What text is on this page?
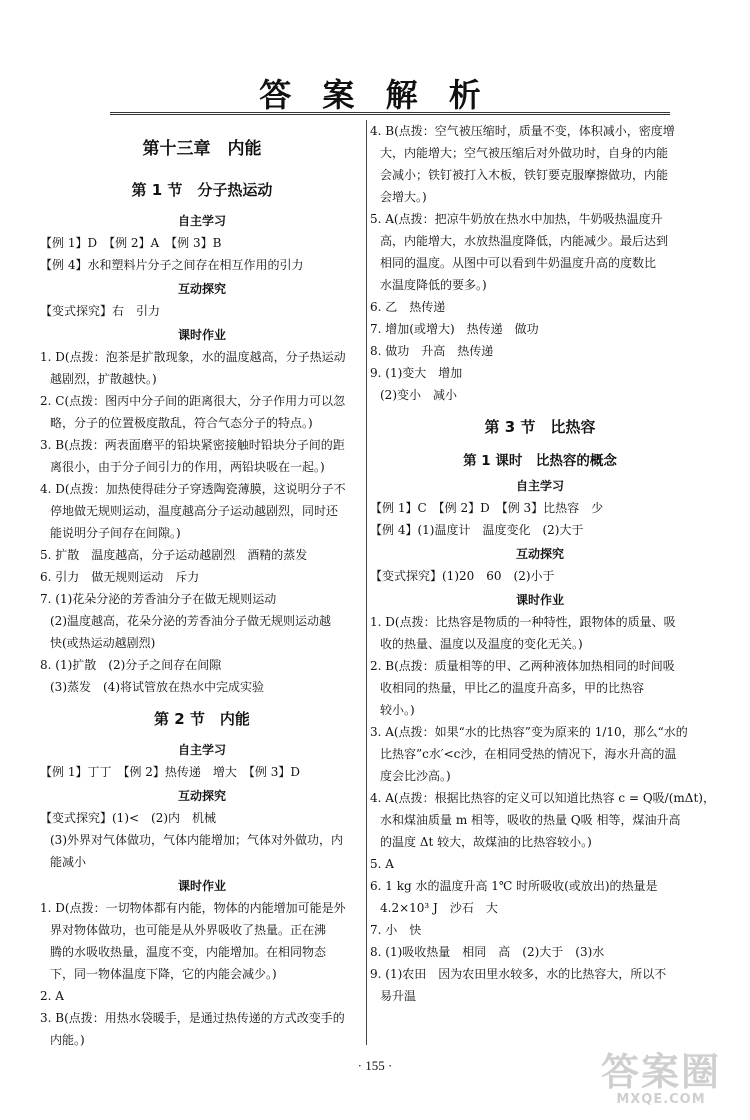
答 案 解 析
第十三章　内能
第 1 节　分子热运动
自主学习

【例 1】D　【例 2】A　【例 3】B

【例 4】水和塑料片分子之间存在相互作用的引力

互动探究

【变式探究】右　引力

课时作业

1. D(点拨：泡茶是扩散现象，水的温度越高，分子热运动

越剧烈，扩散越快。)

2. C(点拨：图丙中分子间的距离很大，分子作用力可以忽

略，分子的位置极度散乱，符合气态分子的特点。)

3. B(点拨：两表面磨平的铅块紧密接触时铅块分子间的距

离很小，由于分子间引力的作用，两铅块吸在一起。)

4. D(点拨：加热使得硅分子穿透陶瓷薄膜，这说明分子不

停地做无规则运动，温度越高分子运动越剧烈，同时还

能说明分子间存在间隙。)

5. 扩散　温度越高，分子运动越剧烈　酒精的蒸发

6. 引力　做无规则运动　斥力

7. (1)花朵分泌的芳香油分子在做无规则运动

(2)温度越高，花朵分泌的芳香油分子做无规则运动越

快(或热运动越剧烈)

8. (1)扩散　(2)分子之间存在间隙

(3)蒸发　(4)将试管放在热水中完成实验

第 2 节　内能
自主学习

【例 1】丁丁　【例 2】热传递　增大　【例 3】D

互动探究

【变式探究】(1)<　(2)内　机械

(3)外界对气体做功，气体内能增加；气体对外做功，内

能减小

课时作业

1. D(点拨：一切物体都有内能，物体的内能增加可能是外

界对物体做功，也可能是从外界吸收了热量。正在沸

腾的水吸收热量，温度不变，内能增加。在相同物态

下，同一物体温度下降，它的内能会减少。)

2. A

3. B(点拨：用热水袋暖手，是通过热传递的方式改变手的

内能。)

4. B(点拨：空气被压缩时，质量不变，体积减小，密度增

大，内能增大；空气被压缩后对外做功时，自身的内能

会减小；铁钉被打入木板，铁钉要克服摩擦做功，内能

会增大。)

5. A(点拨：把凉牛奶放在热水中加热，牛奶吸热温度升

高，内能增大，水放热温度降低，内能减少。最后达到

相同的温度。从图中可以看到牛奶温度升高的度数比

水温度降低的要多。)

6. 乙　热传递

7. 增加(或增大)　热传递　做功

8. 做功　升高　热传递

9. (1)变大　增加

(2)变小　减小

第 3 节　比热容
第 1 课时　比热容的概念
自主学习

【例 1】C　【例 2】D　【例 3】比热容　少

【例 4】(1)温度计　温度变化　(2)大于

互动探究

【变式探究】(1)20　60　(2)小于

课时作业

1. D(点拨：比热容是物质的一种特性，跟物体的质量、吸

收的热量、温度以及温度的变化无关。)

2. B(点拨：质量相等的甲、乙两种液体加热相同的时间吸

收相同的热量，甲比乙的温度升高多，甲的比热容

较小。)

3. A(点拨：如果“水的比热容”变为原来的 1/10，那么“水的

比热容”c水′<c沙，在相同受热的情况下，海水升高的温

度会比沙高。)

4. A(点拨：根据比热容的定义可以知道比热容 c = Q吸/(mΔt)，

水和煤油质量 m 相等，吸收的热量 Q吸 相等，煤油升高

的温度 Δt 较大，故煤油的比热容较小。)

5. A

6. 1 kg 水的温度升高 1℃ 时所吸收(或放出)的热量是

4.2×10³ J　沙石　大

7. 小　快

8. (1)吸收热量　相同　高　(2)大于　(3)水

9. (1)农田　因为农田里水较多，水的比热容大，所以不

易升温

· 155 ·	答案圈
MXQE.COM
